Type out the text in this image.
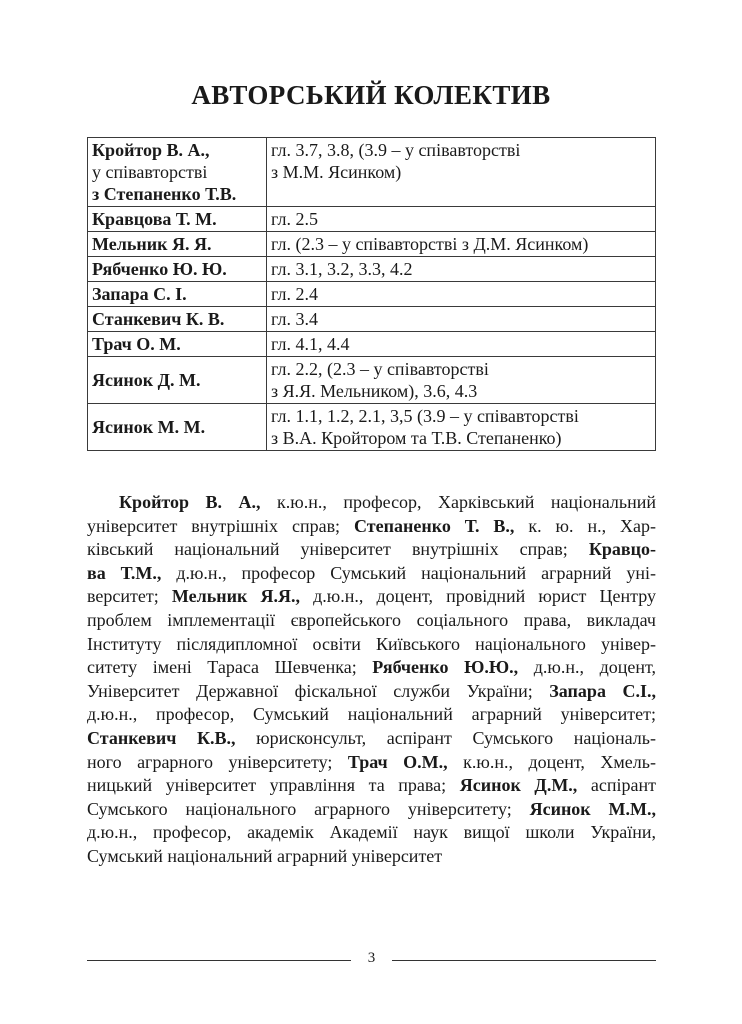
АВТОРСЬКИЙ КОЛЕКТИВ
Кройтор В. А.,
у співавторстві
з Степаненко Т.В.	гл. 3.7, 3.8, (3.9 – у співавторстві
з М.М. Ясинком)
Кравцова Т. М.	гл. 2.5
Мельник Я. Я.	гл. (2.3 – у співавторстві з Д.М. Ясинком)
Рябченко Ю. Ю.	гл. 3.1, 3.2, 3.3, 4.2
Запара С. І.	гл. 2.4
Станкевич К. В.	гл. 3.4
Трач О. М.	гл. 4.1, 4.4
Ясинок Д. М.	гл. 2.2, (2.3 – у співавторстві
з Я.Я. Мельником), 3.6, 4.3
Ясинок М. М.	гл. 1.1, 1.2, 2.1, 3,5 (3.9 – у співавторстві
з В.А. Кройтором та Т.В. Степаненко)

Кройтор В. А., к.ю.н., професор, Харківський національний
університет внутрішніх справ; Степаненко Т. В., к. ю. н., Хар-
ківський національний університет внутрішніх справ; Кравцо-
ва Т.М., д.ю.н., професор Сумський національний аграрний уні-
верситет; Мельник Я.Я., д.ю.н., доцент, провідний юрист Центру
проблем імплементації європейського соціального права, викладач
Інституту післядипломної освіти Київського національного універ-
ситету імені Тараса Шевченка; Рябченко Ю.Ю., д.ю.н., доцент,
Університет Державної фіскальної служби України; Запара С.І.,
д.ю.н., професор, Сумський національний аграрний університет;
Станкевич К.В., юрисконсульт, аспірант Сумського національ-
ного аграрного університету; Трач О.М., к.ю.н., доцент, Хмель-
ницький університет управління та права; Ясинок Д.М., аспірант
Сумського національного аграрного університету; Ясинок М.М.,
д.ю.н., професор, академік Академії наук вищої школи України,
Сумський національний аграрний університет

3
